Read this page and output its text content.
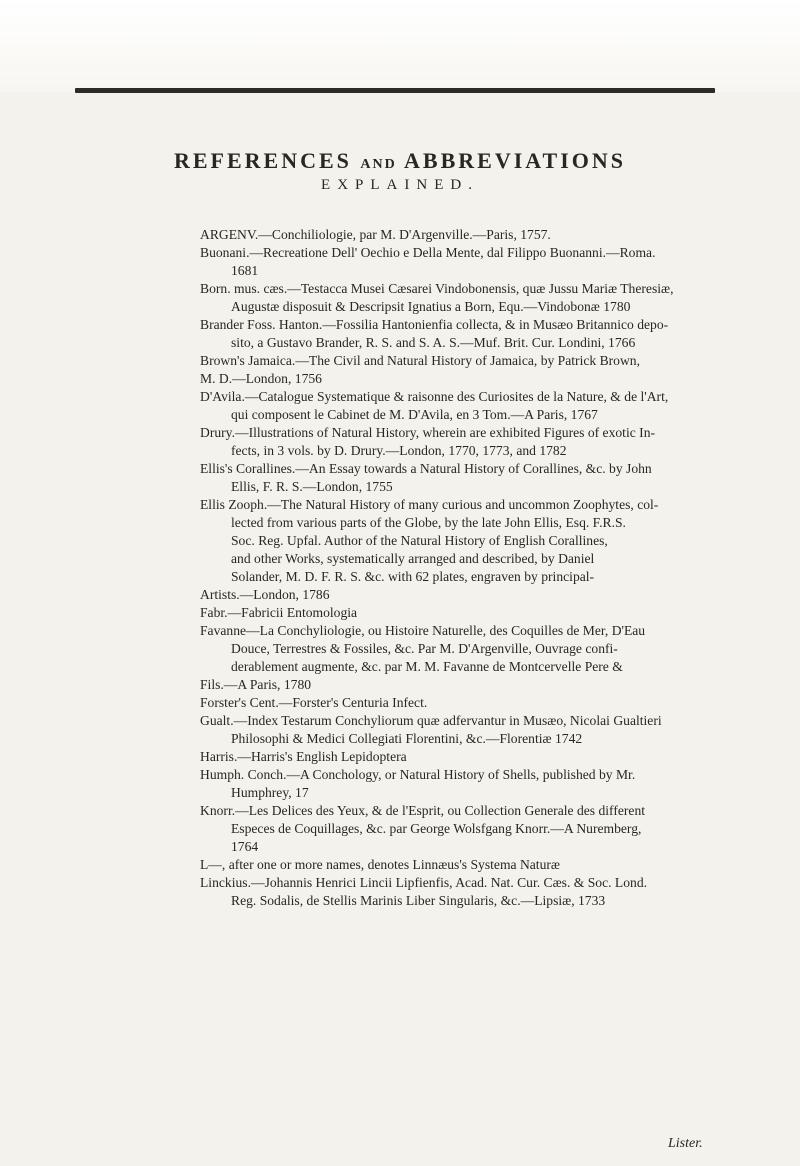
REFERENCES AND ABBREVIATIONS
EXPLAINED.
ARGENV.—Conchiliologie, par M. D'Argenville.—Paris, 1757.
Buonani.—Recreatione Dell' Oechio e Della Mente, dal Filippo Buonanni.—Roma.
1681
Born. mus. cæs.—Testacca Musei Cæsarei Vindobonensis, quæ Jussu Mariæ Theresiæ,
Augustæ disposuit & Descripsit Ignatius a Born, Equ.—Vindobonæ 1780
Brander Foss. Hanton.—Fossilia Hantonienfia collecta, & in Musæo Britannico depo-
sito, a Gustavo Brander, R. S. and S. A. S.—Muf. Brit. Cur. Londini, 1766
Brown's Jamaica.—The Civil and Natural History of Jamaica, by Patrick Brown,
M. D.—London, 1756
D'Avila.—Catalogue Systematique & raisonne des Curiosites de la Nature, & de l'Art,
qui composent le Cabinet de M. D'Avila, en 3 Tom.—A Paris, 1767
Drury.—Illustrations of Natural History, wherein are exhibited Figures of exotic In-
fects, in 3 vols. by D. Drury.—London, 1770, 1773, and 1782
Ellis's Corallines.—An Essay towards a Natural History of Corallines, &c. by John
Ellis, F. R. S.—London, 1755
Ellis Zooph.—The Natural History of many curious and uncommon Zoophytes, col-
lected from various parts of the Globe, by the late John Ellis, Esq. F.R.S.
Soc. Reg. Upfal. Author of the Natural History of English Corallines,
and other Works, systematically arranged and described, by Daniel
Solander, M. D. F. R. S. &c. with 62 plates, engraven by principal-
Artists.—London, 1786
Fabr.—Fabricii Entomologia
Favanne—La Conchyliologie, ou Histoire Naturelle, des Coquilles de Mer, D'Eau
Douce, Terrestres & Fossiles, &c. Par M. D'Argenville, Ouvrage confi-
derablement augmente, &c. par M. M. Favanne de Montcervelle Pere &
Fils.—A Paris, 1780
Forster's Cent.—Forster's Centuria Infect.
Gualt.—Index Testarum Conchyliorum quæ adfervantur in Musæo, Nicolai Gualtieri
Philosophi & Medici Collegiati Florentini, &c.—Florentiæ 1742
Harris.—Harris's English Lepidoptera
Humph. Conch.—A Conchology, or Natural History of Shells, published by Mr.
Humphrey, 17
Knorr.—Les Delices des Yeux, & de l'Esprit, ou Collection Generale des different
Especes de Coquillages, &c. par George Wolsfgang Knorr.—A Nuremberg,
1764
L—, after one or more names, denotes Linnæus's Systema Naturæ
Linckius.—Johannis Henrici Lincii Lipfienfis, Acad. Nat. Cur. Cæs. & Soc. Lond.
Reg. Sodalis, de Stellis Marinis Liber Singularis, &c.—Lipsiæ, 1733
Lister.
